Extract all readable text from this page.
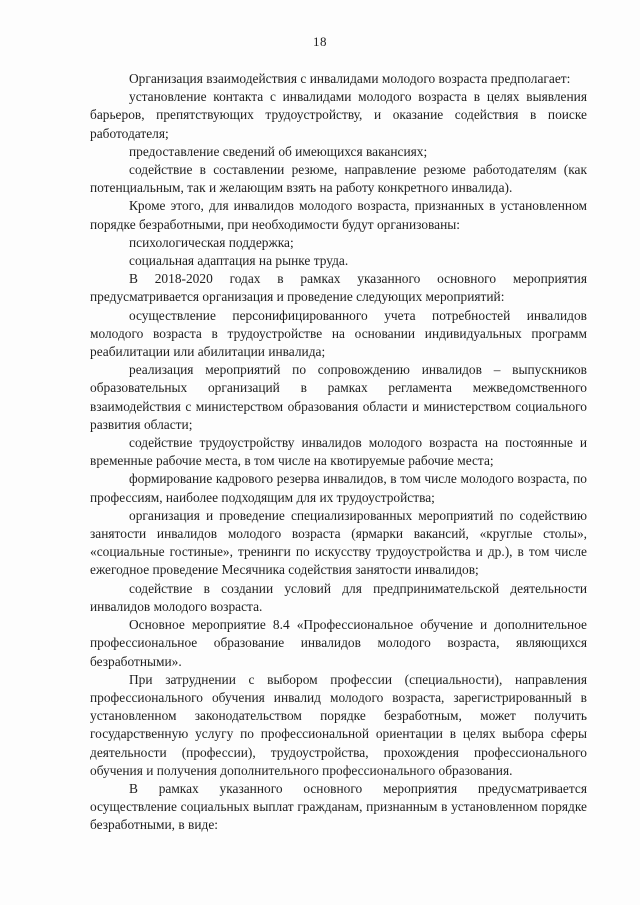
18

Организация взаимодействия с инвалидами молодого возраста предполагает:

установление контакта с инвалидами молодого возраста в целях выявления барьеров, препятствующих трудоустройству, и оказание содействия в поиске работодателя;

предоставление сведений об имеющихся вакансиях;

содействие в составлении резюме, направление резюме работодателям (как потенциальным, так и желающим взять на работу конкретного инвалида).

Кроме этого, для инвалидов молодого возраста, признанных в установленном порядке безработными, при необходимости будут организованы:

психологическая поддержка;

социальная адаптация на рынке труда.

В 2018-2020 годах в рамках указанного основного мероприятия предусматривается организация и проведение следующих мероприятий:

осуществление персонифицированного учета потребностей инвалидов молодого возраста в трудоустройстве на основании индивидуальных программ реабилитации или абилитации инвалида;

реализация мероприятий по сопровождению инвалидов – выпускников образовательных организаций в рамках регламента межведомственного взаимодействия с министерством образования области и министерством социального развития области;

содействие трудоустройству инвалидов молодого возраста на постоянные и временные рабочие места, в том числе на квотируемые рабочие места;

формирование кадрового резерва инвалидов, в том числе молодого возраста, по профессиям, наиболее подходящим для их трудоустройства;

организация и проведение специализированных мероприятий по содействию занятости инвалидов молодого возраста (ярмарки вакансий, «круглые столы», «социальные гостиные», тренинги по искусству трудоустройства и др.), в том числе ежегодное проведение Месячника содействия занятости инвалидов;

содействие в создании условий для предпринимательской деятельности инвалидов молодого возраста.

Основное мероприятие 8.4 «Профессиональное обучение и дополнительное профессиональное образование инвалидов молодого возраста, являющихся безработными».

При затруднении с выбором профессии (специальности), направления профессионального обучения инвалид молодого возраста, зарегистрированный в установленном законодательством порядке безработным, может получить государственную услугу по профессиональной ориентации в целях выбора сферы деятельности (профессии), трудоустройства, прохождения профессионального обучения и получения дополнительного профессионального образования.

В рамках указанного основного мероприятия предусматривается осуществление социальных выплат гражданам, признанным в установленном порядке безработными, в виде:
